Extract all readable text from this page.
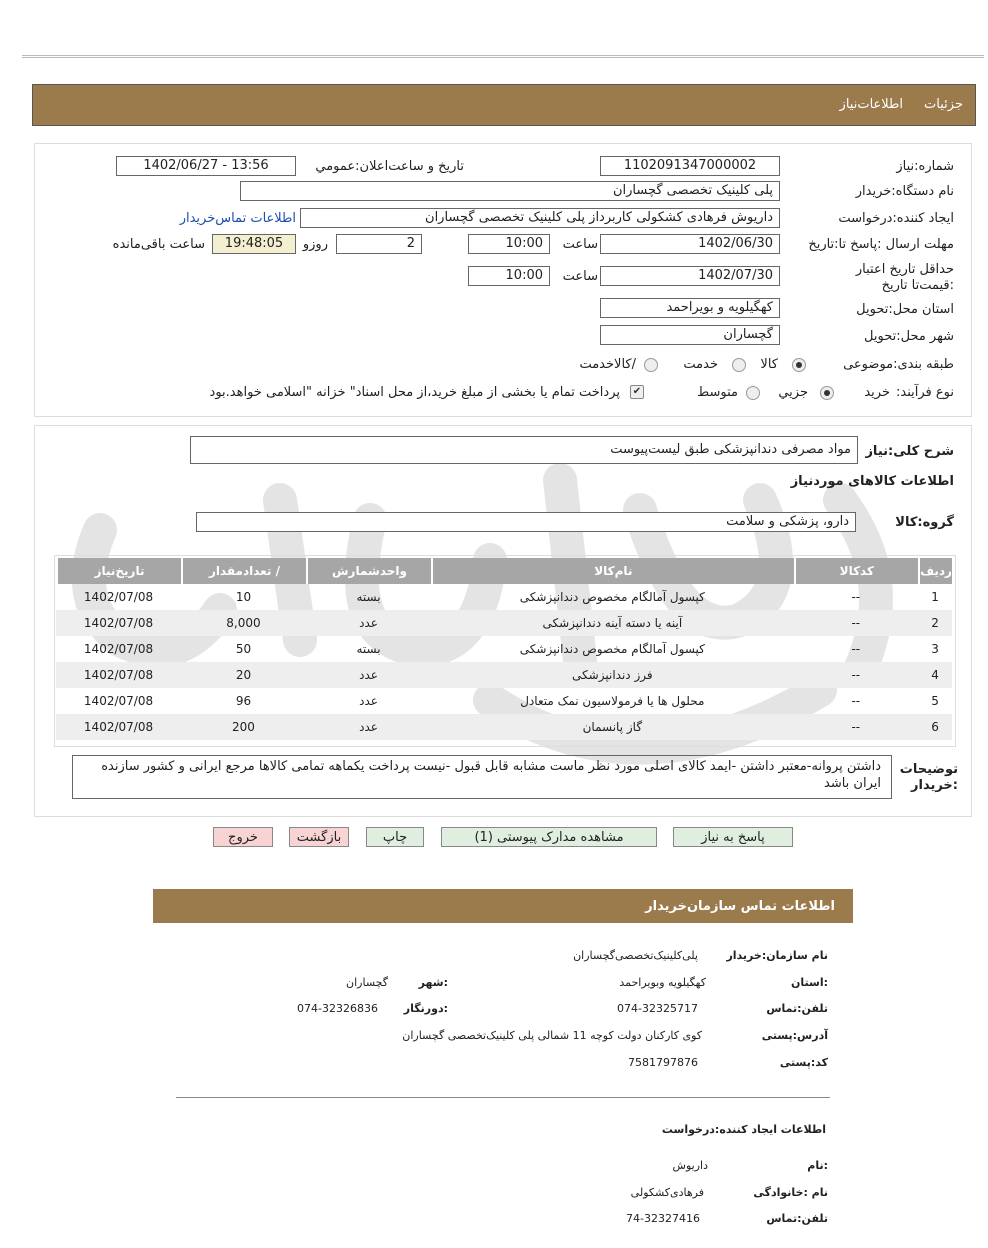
جزئیات
اطلاعات‌نیاز
شماره:نیاز
1102091347000002
تاریخ و ساعت‌اعلان:عمومي
1402/06/27 - 13:56
نام دستگاه:خریدار
پلی کلینیک تخصصی گچساران
ایجاد کننده:درخواست
داریوش فرهادی کشکولی کاربرداز پلی کلینیک تخصصی گچساران
اطلاعات تماس‌خریدار
مهلت ارسال :پاسخ تا:تاریخ
1402/06/30
ساعت
10:00
2
روزو
19:48:05
ساعت باقی‌مانده
حداقل تاریخ اعتبار :قیمت‌تا تاریخ
1402/07/30
ساعت
10:00
استان محل:تحویل
کهگیلویه و بویراحمد
شهر محل:تحویل
گچساران
طبقه بندی:موضوعی
کالا
خدمت
/کالاخدمت
نوع فرآیند:
خرید
جزیي
متوسط
✔
پرداخت تمام یا بخشی از مبلغ خرید،از محل اسناد" خزانه "اسلامی خواهد.بود
شرح کلی:نیاز
مواد مصرفی دندانپزشکی طبق لیست‌پیوست
اطلاعات کالاهای مورد‌نیاز
گروه:کالا
دارو، پزشکی و سلامت
ردیف	کدکالا	نام‌کالا	واحدشمارش	/ تعدادمقدار	تاریخ‌نیاز
1	--	کپسول آمالگام مخصوص دندانپزشکی	بسته	10	1402/07/08
2	--	آینه یا دسته آینه دندانپزشکی	عدد	8,000	1402/07/08
3	--	کپسول آمالگام مخصوص دندانپزشکی	بسته	50	1402/07/08
4	--	فرز دندانپزشکی	عدد	20	1402/07/08
5	--	محلول ها یا فرمولاسیون نمک متعادل	عدد	96	1402/07/08
6	--	گاز پانسمان	عدد	200	1402/07/08
توضیحات :خریدار
داشتن پروانه-معتبر داشتن -ایمد کالای اصلی مورد نظر ماست مشابه قابل قبول -نیست پرداخت یکماهه تمامی کالاها مرجع ایرانی و کشور سازنده ایران باشد
پاسخ به نیاز
مشاهده مدارک پیوستی (1)
چاپ
بازگشت
خروج
اطلاعات تماس سازمان‌خریدار
نام سازمان:خریدار
پلی‌کلینیک‌تخصصی‌گچساران
:استان
کهگیلویه وبویراحمد
:شهر
گچساران
تلفن:تماس
074-32325717
:دورنگار
074-32326836
آدرس:پستی
کوی کارکنان دولت کوچه 11 شمالی پلی کلینیک‌تخصصی گچساران
کد:پستی
7581797876
اطلاعات ایجاد کننده:درخواست
:نام
داریوش
نام :خانوادگی
فرهادی‌کشکولی
تلفن:تماس
74-32327416
